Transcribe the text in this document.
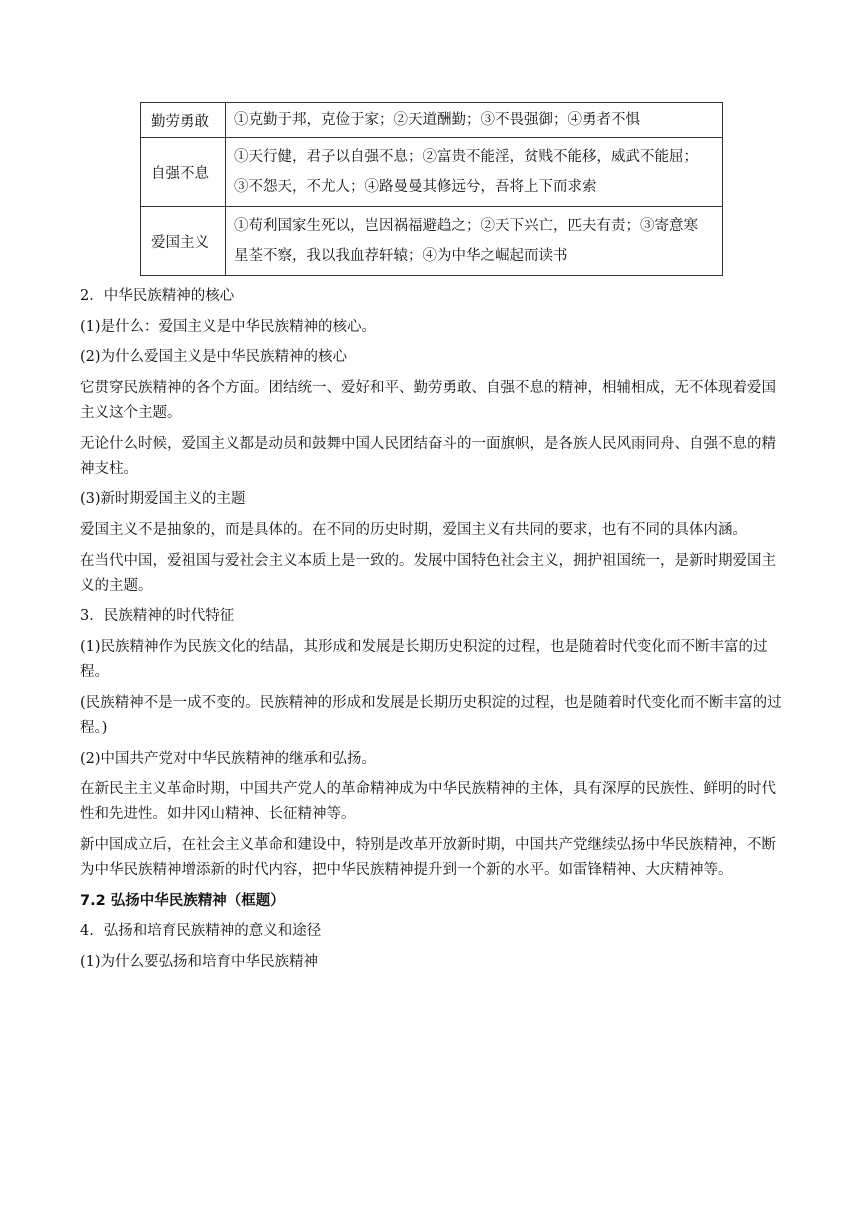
勤劳勇敢	①克勤于邦，克俭于家；②天道酬勤；③不畏强御；④勇者不惧

自强不息	①天行健，君子以自强不息；②富贵不能淫，贫贱不能移，威武不能屈；
③不怨天，不尤人；④路曼曼其修远兮，吾将上下而求索

爱国主义	①苟利国家生死以，岂因祸福避趋之；②天下兴亡，匹夫有责；③寄意寒
星荃不察，我以我血荐轩辕；④为中华之崛起而读书

2．中华民族精神的核心

(1)是什么：爱国主义是中华民族精神的核心。

(2)为什么爱国主义是中华民族精神的核心

它贯穿民族精神的各个方面。团结统一、爱好和平、勤劳勇敢、自强不息的精神，相辅相成，无不体现着爱国主义这个主题。

无论什么时候，爱国主义都是动员和鼓舞中国人民团结奋斗的一面旗帜，是各族人民风雨同舟、自强不息的精神支柱。

(3)新时期爱国主义的主题

爱国主义不是抽象的，而是具体的。在不同的历史时期，爱国主义有共同的要求，也有不同的具体内涵。

在当代中国，爱祖国与爱社会主义本质上是一致的。发展中国特色社会主义，拥护祖国统一，是新时期爱国主义的主题。

3．民族精神的时代特征

(1)民族精神作为民族文化的结晶，其形成和发展是长期历史积淀的过程，也是随着时代变化而不断丰富的过程。

(民族精神不是一成不变的。民族精神的形成和发展是长期历史积淀的过程，也是随着时代变化而不断丰富的过程。)

(2)中国共产党对中华民族精神的继承和弘扬。

在新民主主义革命时期，中国共产党人的革命精神成为中华民族精神的主体，具有深厚的民族性、鲜明的时代性和先进性。如井冈山精神、长征精神等。

新中国成立后，在社会主义革命和建设中，特别是改革开放新时期，中国共产党继续弘扬中华民族精神，不断为中华民族精神增添新的时代内容，把中华民族精神提升到一个新的水平。如雷锋精神、大庆精神等。

7.2 弘扬中华民族精神（框题）

4．弘扬和培育民族精神的意义和途径

(1)为什么要弘扬和培育中华民族精神
